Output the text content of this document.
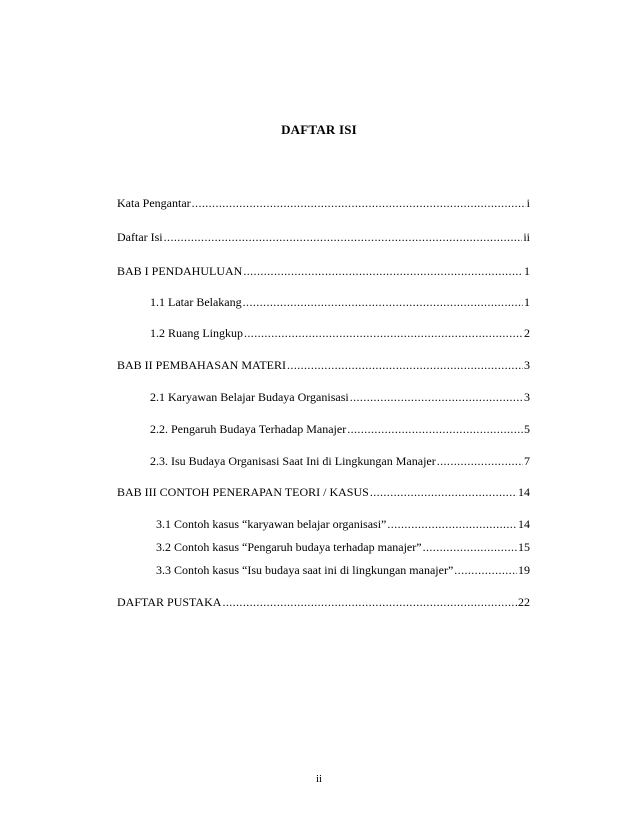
DAFTAR ISI
Kata Pengantar .....	i
Daftar Isi .....	ii
BAB I PENDAHULUAN .....	1
1.1 Latar Belakang .....	1
1.2 Ruang Lingkup .....	2
BAB II PEMBAHASAN MATERI .....	3
2.1 Karyawan Belajar Budaya Organisasi .....	3
2.2. Pengaruh Budaya Terhadap Manajer .....	5
2.3. Isu Budaya Organisasi Saat Ini di Lingkungan Manajer .....	7
BAB III CONTOH PENERAPAN TEORI / KASUS .....	14
3.1 Contoh kasus “karyawan belajar organisasi” .....	14
3.2 Contoh kasus “Pengaruh budaya terhadap manajer” .....	15
3.3 Contoh kasus “Isu budaya saat ini di lingkungan manajer” .....	19
DAFTAR PUSTAKA .....	22
ii
